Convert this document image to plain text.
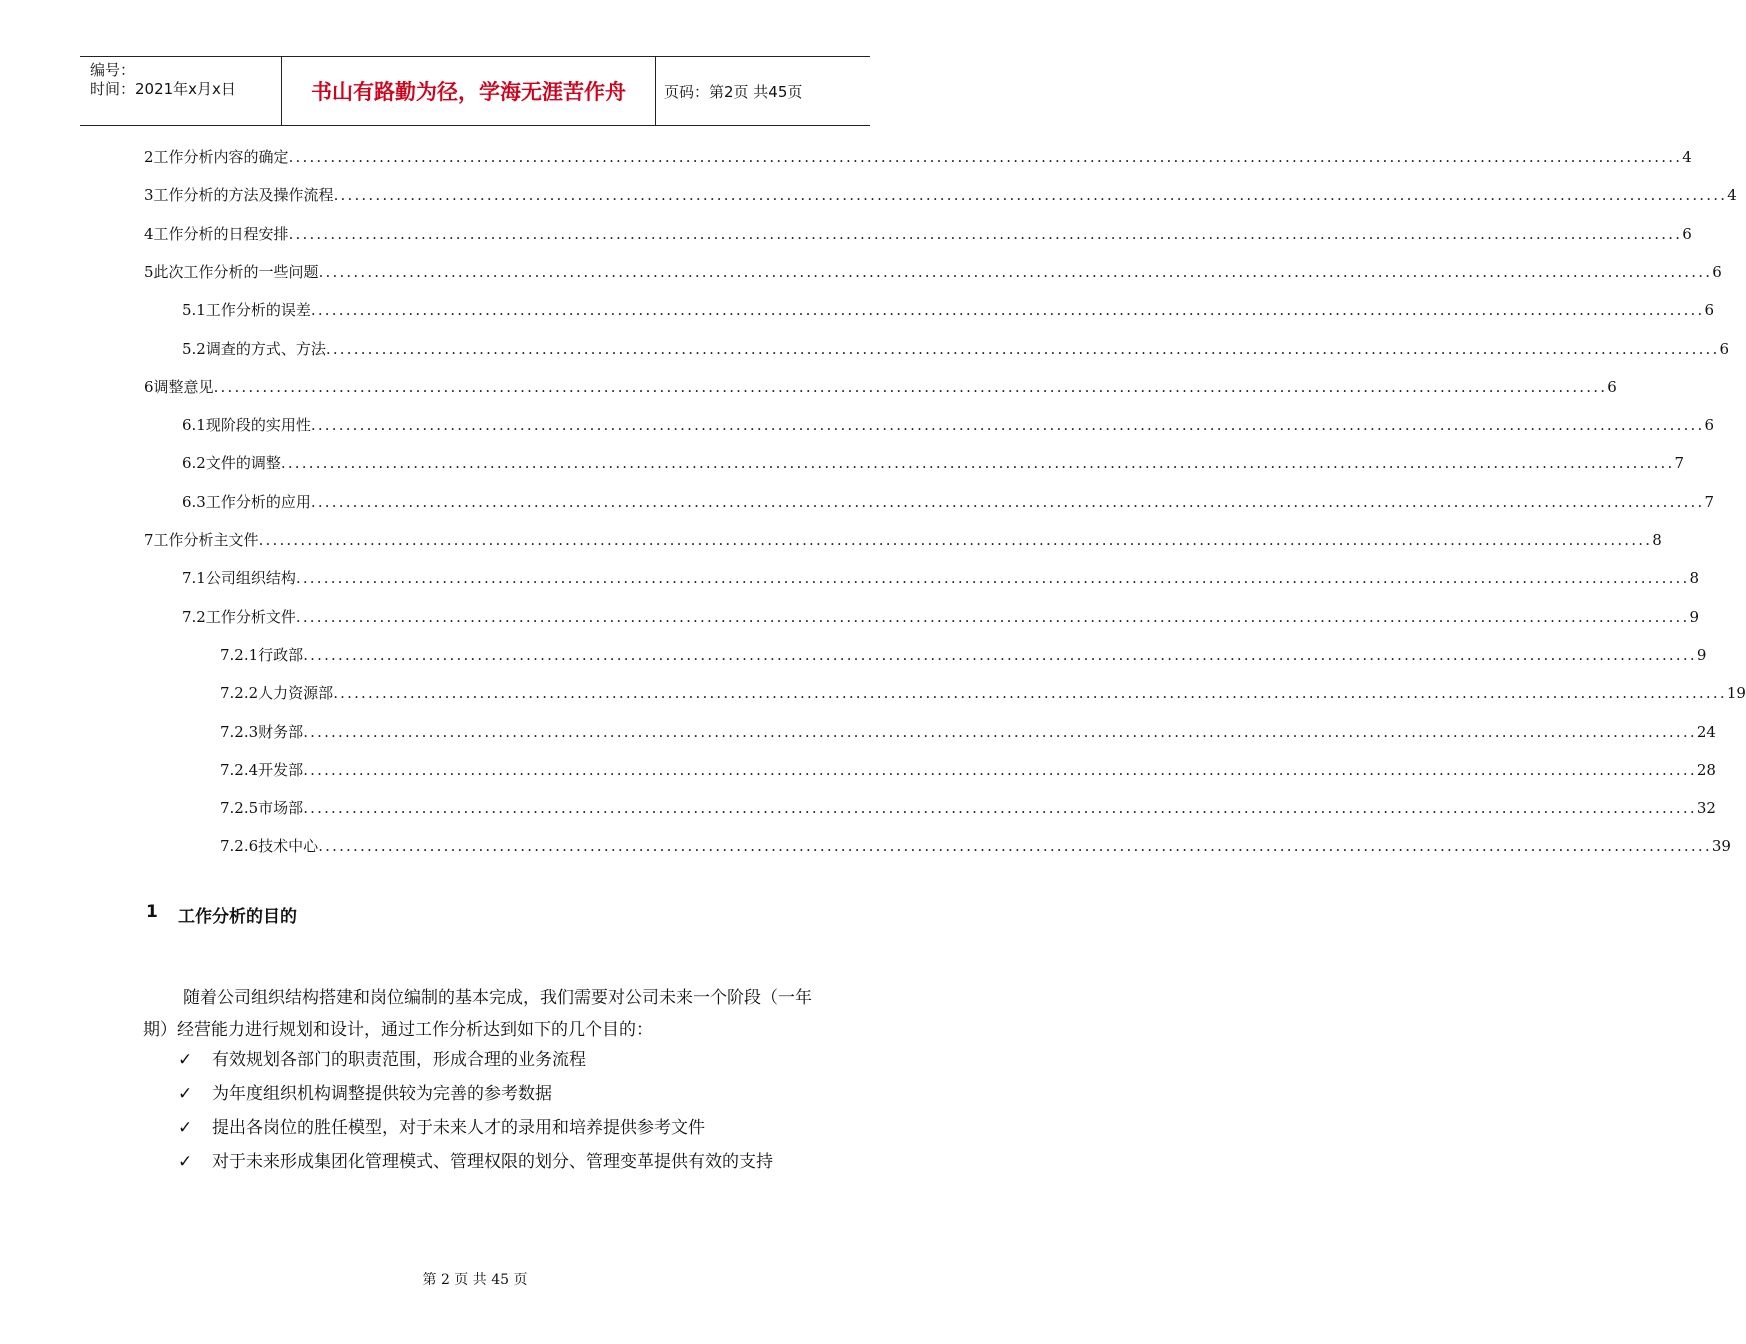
编号：
时间：2021年x月x日	书山有路勤为径，学海无涯苦作舟	页码：第2页 共45页
2 工作分析内容的确定 ........................................................................................................................................................................................................ 4
3 工作分析的方法及操作流程 ........................................................................................................................................................................................................ 4
4 工作分析的日程安排 ........................................................................................................................................................................................................ 6
5 此次工作分析的一些问题 ........................................................................................................................................................................................................ 6
5.1 工作分析的误差 ........................................................................................................................................................................................................ 6
5.2 调查的方式、方法 ........................................................................................................................................................................................................ 6
6 调整意见 ........................................................................................................................................................................................................ 6
6.1 现阶段的实用性 ........................................................................................................................................................................................................ 6
6.2 文件的调整 ........................................................................................................................................................................................................ 7
6.3 工作分析的应用 ........................................................................................................................................................................................................ 7
7 工作分析主文件 ........................................................................................................................................................................................................ 8
7.1 公司组织结构 ........................................................................................................................................................................................................ 8
7.2 工作分析文件 ........................................................................................................................................................................................................ 9
7.2.1 行政部 ........................................................................................................................................................................................................ 9
7.2.2 人力资源部 ........................................................................................................................................................................................................ 19
7.2.3 财务部 ........................................................................................................................................................................................................ 24
7.2.4 开发部 ........................................................................................................................................................................................................ 28
7.2.5 市场部 ........................................................................................................................................................................................................ 32
7.2.6 技术中心 ........................................................................................................................................................................................................ 39
1	工作分析的目的
随着公司组织结构搭建和岗位编制的基本完成，我们需要对公司未来一个阶段（一年期）经营能力进行规划和设计，通过工作分析达到如下的几个目的：
✓	有效规划各部门的职责范围，形成合理的业务流程
✓	为年度组织机构调整提供较为完善的参考数据
✓	提出各岗位的胜任模型，对于未来人才的录用和培养提供参考文件
✓	对于未来形成集团化管理模式、管理权限的划分、管理变革提供有效的支持
第 2 页 共 45 页
